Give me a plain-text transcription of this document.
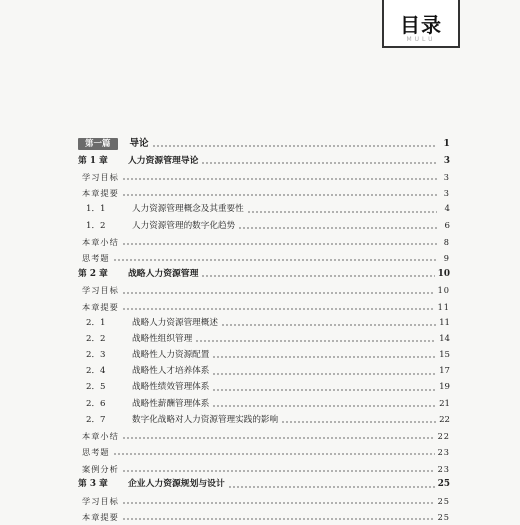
目录
MULU
第一篇	导论	1
第 1 章	人力资源管理导论	3
学习目标	3
本章提要	3
1．1	人力资源管理概念及其重要性	4
1．2	人力资源管理的数字化趋势	6
本章小结	8
思考题	9
第 2 章	战略人力资源管理	10
学习目标	10
本章提要	11
2．1	战略人力资源管理概述	11
2．2	战略性组织管理	14
2．3	战略性人力资源配置	15
2．4	战略性人才培养体系	17
2．5	战略性绩效管理体系	19
2．6	战略性薪酬管理体系	21
2．7	数字化战略对人力资源管理实践的影响	22
本章小结	22
思考题	23
案例分析	23
第 3 章	企业人力资源规划与设计	25
学习目标	25
本章提要	25
